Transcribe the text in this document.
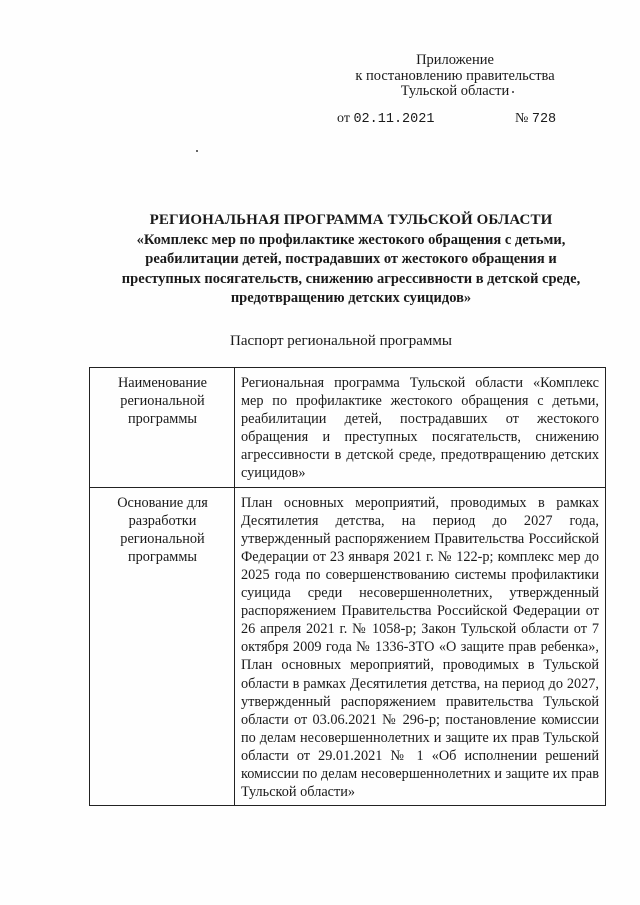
Приложение
к постановлению правительства
Тульской области
от 02.11.2021	№ 728
РЕГИОНАЛЬНАЯ ПРОГРАММА ТУЛЬСКОЙ ОБЛАСТИ
«Комплекс мер по профилактике жестокого обращения с детьми,
реабилитации детей, пострадавших от жестокого обращения и
преступных посягательств, снижению агрессивности в детской среде,
предотвращению детских суицидов»
Паспорт региональной программы
Наименование региональной программы	Региональная программа Тульской области «Комплекс мер по профилактике жестокого обращения с детьми, реабилитации детей, пострадавших от жестокого обращения и преступных посягательств, снижению агрессивности в детской среде, предотвращению детских суицидов»
Основание для разработки региональной программы	План основных мероприятий, проводимых в рамках Десятилетия детства, на период до 2027 года, утвержденный распоряжением Правительства Российской Федерации от 23 января 2021 г. № 122-р; комплекс мер до 2025 года по совершенствованию системы профилактики суицида среди несовершеннолетних, утвержденный распоряжением Правительства Российской Федерации от 26 апреля 2021 г. № 1058-р; Закон Тульской области от 7 октября 2009 года № 1336-ЗТО «О защите прав ребенка», План основных мероприятий, проводимых в Тульской области в рамках Десятилетия детства, на период до 2027, утвержденный распоряжением правительства Тульской области от 03.06.2021 № 296-р; постановление комиссии по делам несовершеннолетних и защите их прав Тульской области от 29.01.2021 № 1 «Об исполнении решений комиссии по делам несовершеннолетних и защите их прав Тульской области»
